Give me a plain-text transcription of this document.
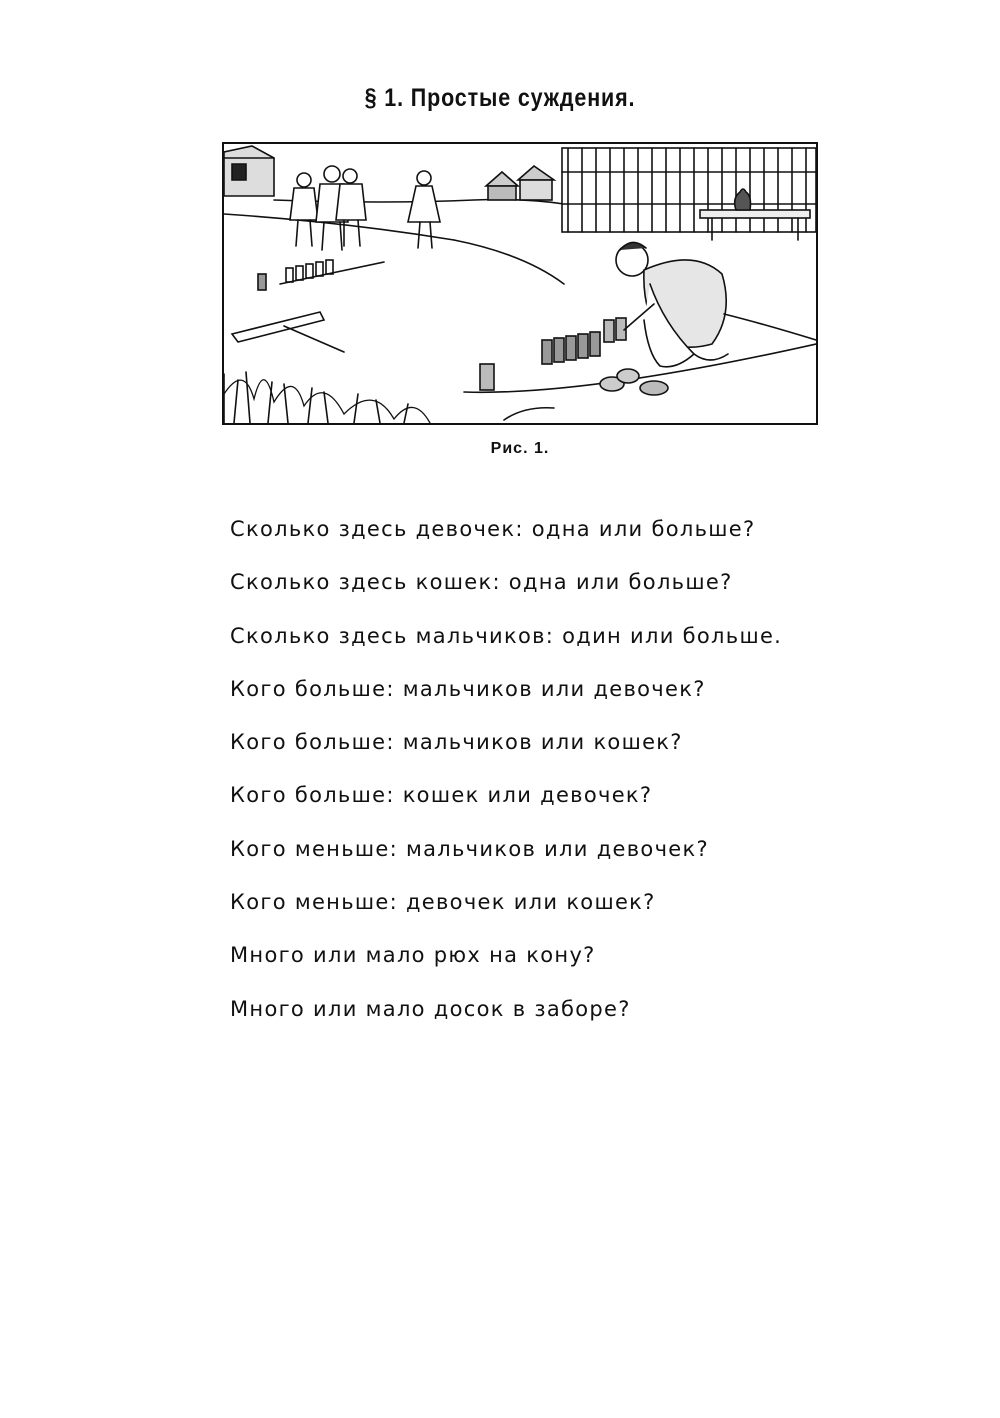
§ 1. Простые суждения.
Рис. 1.
Сколько здесь девочек: одна или больше?
Сколько здесь кошек: одна или больше?
Сколько здесь мальчиков: один или больше.
Кого больше: мальчиков или девочек?
Кого больше: мальчиков или кошек?
Кого больше: кошек или девочек?
Кого меньше: мальчиков или девочек?
Кого меньше: девочек или кошек?
Много или мало рюх на кону?
Много или мало досок в заборе?
